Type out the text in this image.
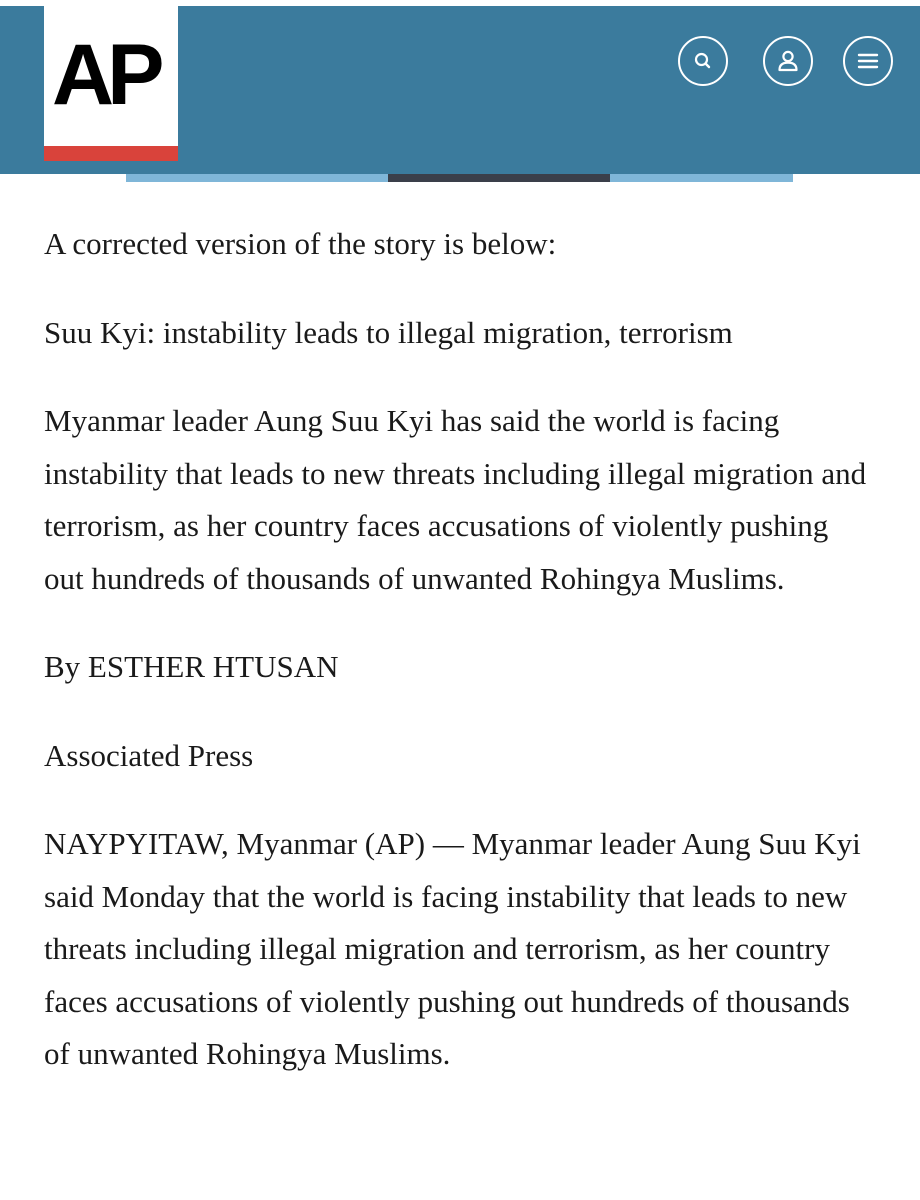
AP

A corrected version of the story is below:

Suu Kyi: instability leads to illegal migration, terrorism

Myanmar leader Aung Suu Kyi has said the world is facing instability that leads to new threats including illegal migration and terrorism, as her country faces accusations of violently pushing out hundreds of thousands of unwanted Rohingya Muslims.

By ESTHER HTUSAN

Associated Press

NAYPYITAW, Myanmar (AP) — Myanmar leader Aung Suu Kyi said Monday that the world is facing instability that leads to new threats including illegal migration and terrorism, as her country faces accusations of violently pushing out hundreds of thousands of unwanted Rohingya Muslims.
